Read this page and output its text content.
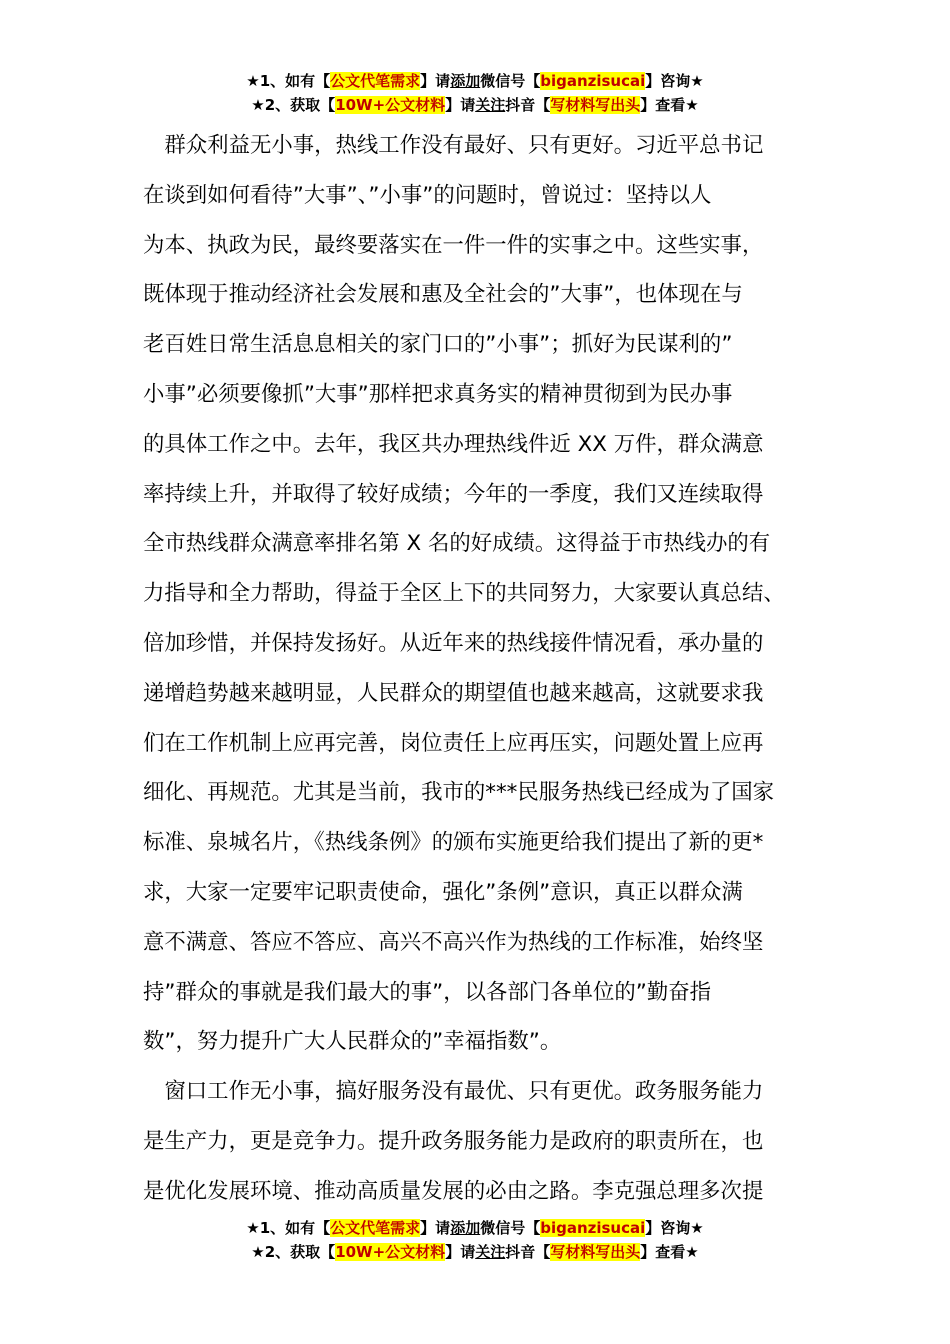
★1、如有【公文代笔需求】请添加微信号【biganzisucai】咨询★
★2、获取【10W+公文材料】请关注抖音【写材料写出头】查看★
　群众利益无小事，热线工作没有最好、只有更好。习近平总书记
在谈到如何看待”大事”、”小事”的问题时，曾说过：坚持以人
为本、执政为民，最终要落实在一件一件的实事之中。这些实事，
既体现于推动经济社会发展和惠及全社会的”大事”，也体现在与
老百姓日常生活息息相关的家门口的”小事”；抓好为民谋利的”
小事”必须要像抓”大事”那样把求真务实的精神贯彻到为民办事
的具体工作之中。去年，我区共办理热线件近 XX 万件，群众满意
率持续上升，并取得了较好成绩；今年的一季度，我们又连续取得
全市热线群众满意率排名第 X 名的好成绩。这得益于市热线办的有
力指导和全力帮助，得益于全区上下的共同努力，大家要认真总结、
倍加珍惜，并保持发扬好。从近年来的热线接件情况看，承办量的
递增趋势越来越明显，人民群众的期望值也越来越高，这就要求我
们在工作机制上应再完善，岗位责任上应再压实，问题处置上应再
细化、再规范。尤其是当前，我市的***民服务热线已经成为了国家
标准、泉城名片，《热线条例》的颁布实施更给我们提出了新的更*
求，大家一定要牢记职责使命，强化”条例”意识，真正以群众满
意不满意、答应不答应、高兴不高兴作为热线的工作标准，始终坚
持”群众的事就是我们最大的事”，以各部门各单位的”勤奋指
数”，努力提升广大人民群众的”幸福指数”。
　窗口工作无小事，搞好服务没有最优、只有更优。政务服务能力
是生产力，更是竞争力。提升政务服务能力是政府的职责所在，也
是优化发展环境、推动高质量发展的必由之路。李克强总理多次提
★1、如有【公文代笔需求】请添加微信号【biganzisucai】咨询★
★2、获取【10W+公文材料】请关注抖音【写材料写出头】查看★
